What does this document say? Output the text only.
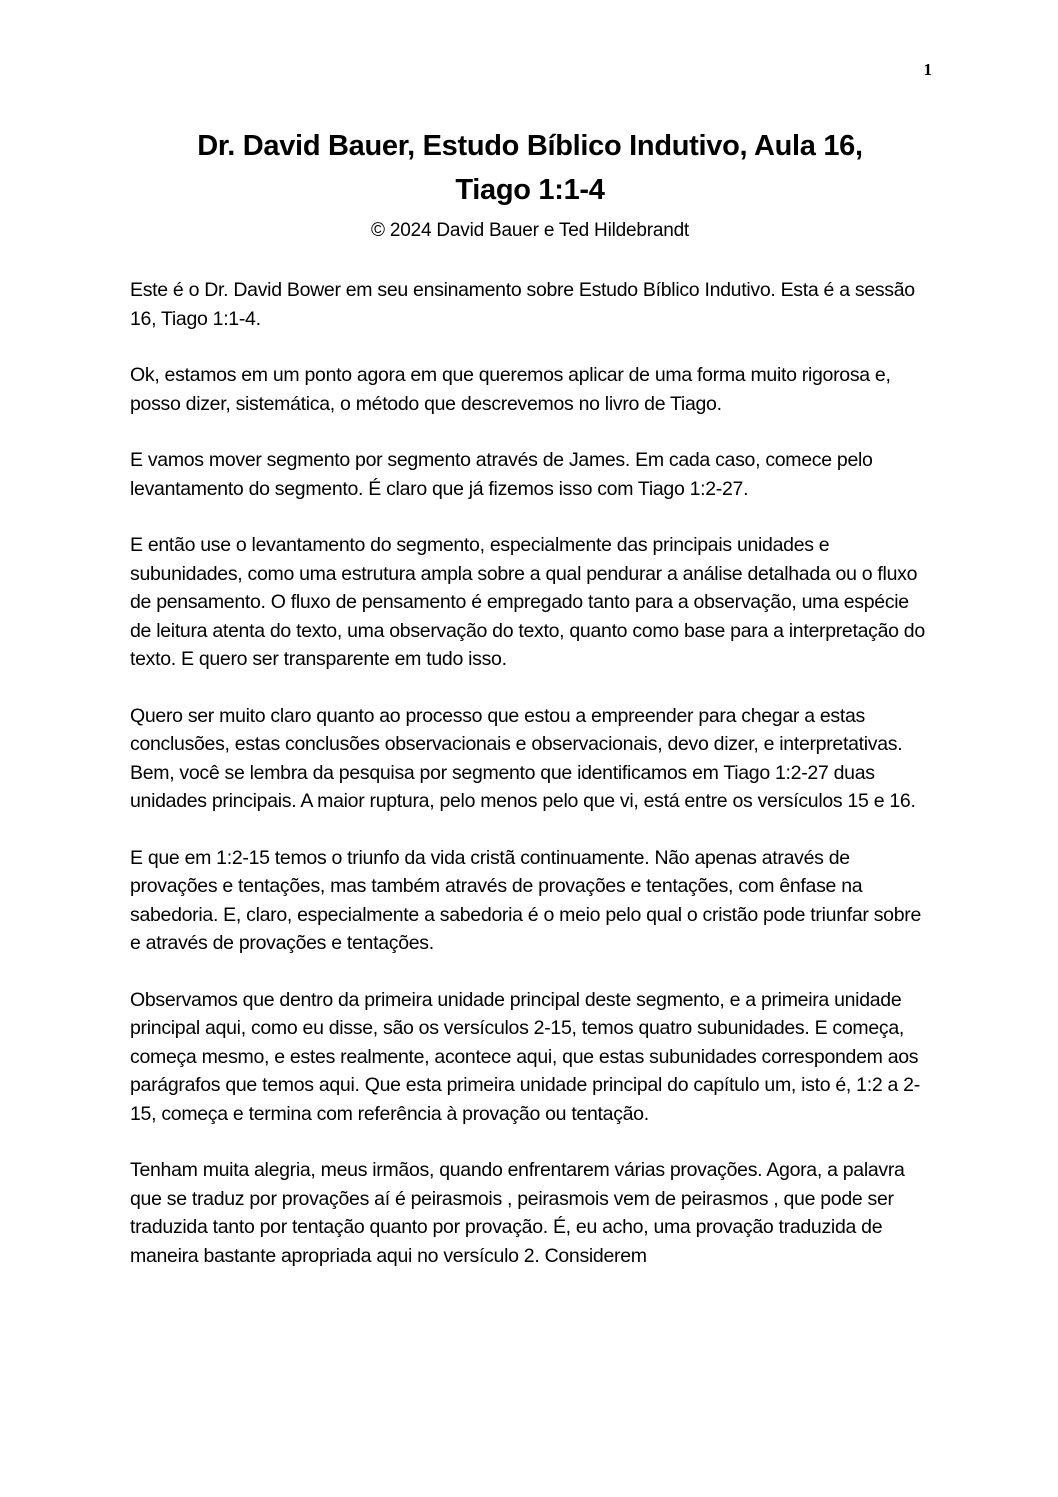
1
Dr. David Bauer, Estudo Bíblico Indutivo, Aula 16,
Tiago 1:1-4
© 2024 David Bauer e Ted Hildebrandt

Este é o Dr. David Bower em seu ensinamento sobre Estudo Bíblico Indutivo. Esta é a sessão 16, Tiago 1:1-4.

Ok, estamos em um ponto agora em que queremos aplicar de uma forma muito rigorosa e, posso dizer, sistemática, o método que descrevemos no livro de Tiago.

E vamos mover segmento por segmento através de James. Em cada caso, comece pelo levantamento do segmento. É claro que já fizemos isso com Tiago 1:2-27.

E então use o levantamento do segmento, especialmente das principais unidades e subunidades, como uma estrutura ampla sobre a qual pendurar a análise detalhada ou o fluxo de pensamento. O fluxo de pensamento é empregado tanto para a observação, uma espécie de leitura atenta do texto, uma observação do texto, quanto como base para a interpretação do texto. E quero ser transparente em tudo isso.

Quero ser muito claro quanto ao processo que estou a empreender para chegar a estas conclusões, estas conclusões observacionais e observacionais, devo dizer, e interpretativas. Bem, você se lembra da pesquisa por segmento que identificamos em Tiago 1:2-27 duas unidades principais. A maior ruptura, pelo menos pelo que vi, está entre os versículos 15 e 16.

E que em 1:2-15 temos o triunfo da vida cristã continuamente. Não apenas através de provações e tentações, mas também através de provações e tentações, com ênfase na sabedoria. E, claro, especialmente a sabedoria é o meio pelo qual o cristão pode triunfar sobre e através de provações e tentações.

Observamos que dentro da primeira unidade principal deste segmento, e a primeira unidade principal aqui, como eu disse, são os versículos 2-15, temos quatro subunidades. E começa, começa mesmo, e estes realmente, acontece aqui, que estas subunidades correspondem aos parágrafos que temos aqui. Que esta primeira unidade principal do capítulo um, isto é, 1:2 a 2-15, começa e termina com referência à provação ou tentação.

Tenham muita alegria, meus irmãos, quando enfrentarem várias provações. Agora, a palavra que se traduz por provações aí é peirasmois , peirasmois vem de peirasmos , que pode ser traduzida tanto por tentação quanto por provação. É, eu acho, uma provação traduzida de maneira bastante apropriada aqui no versículo 2. Considerem
